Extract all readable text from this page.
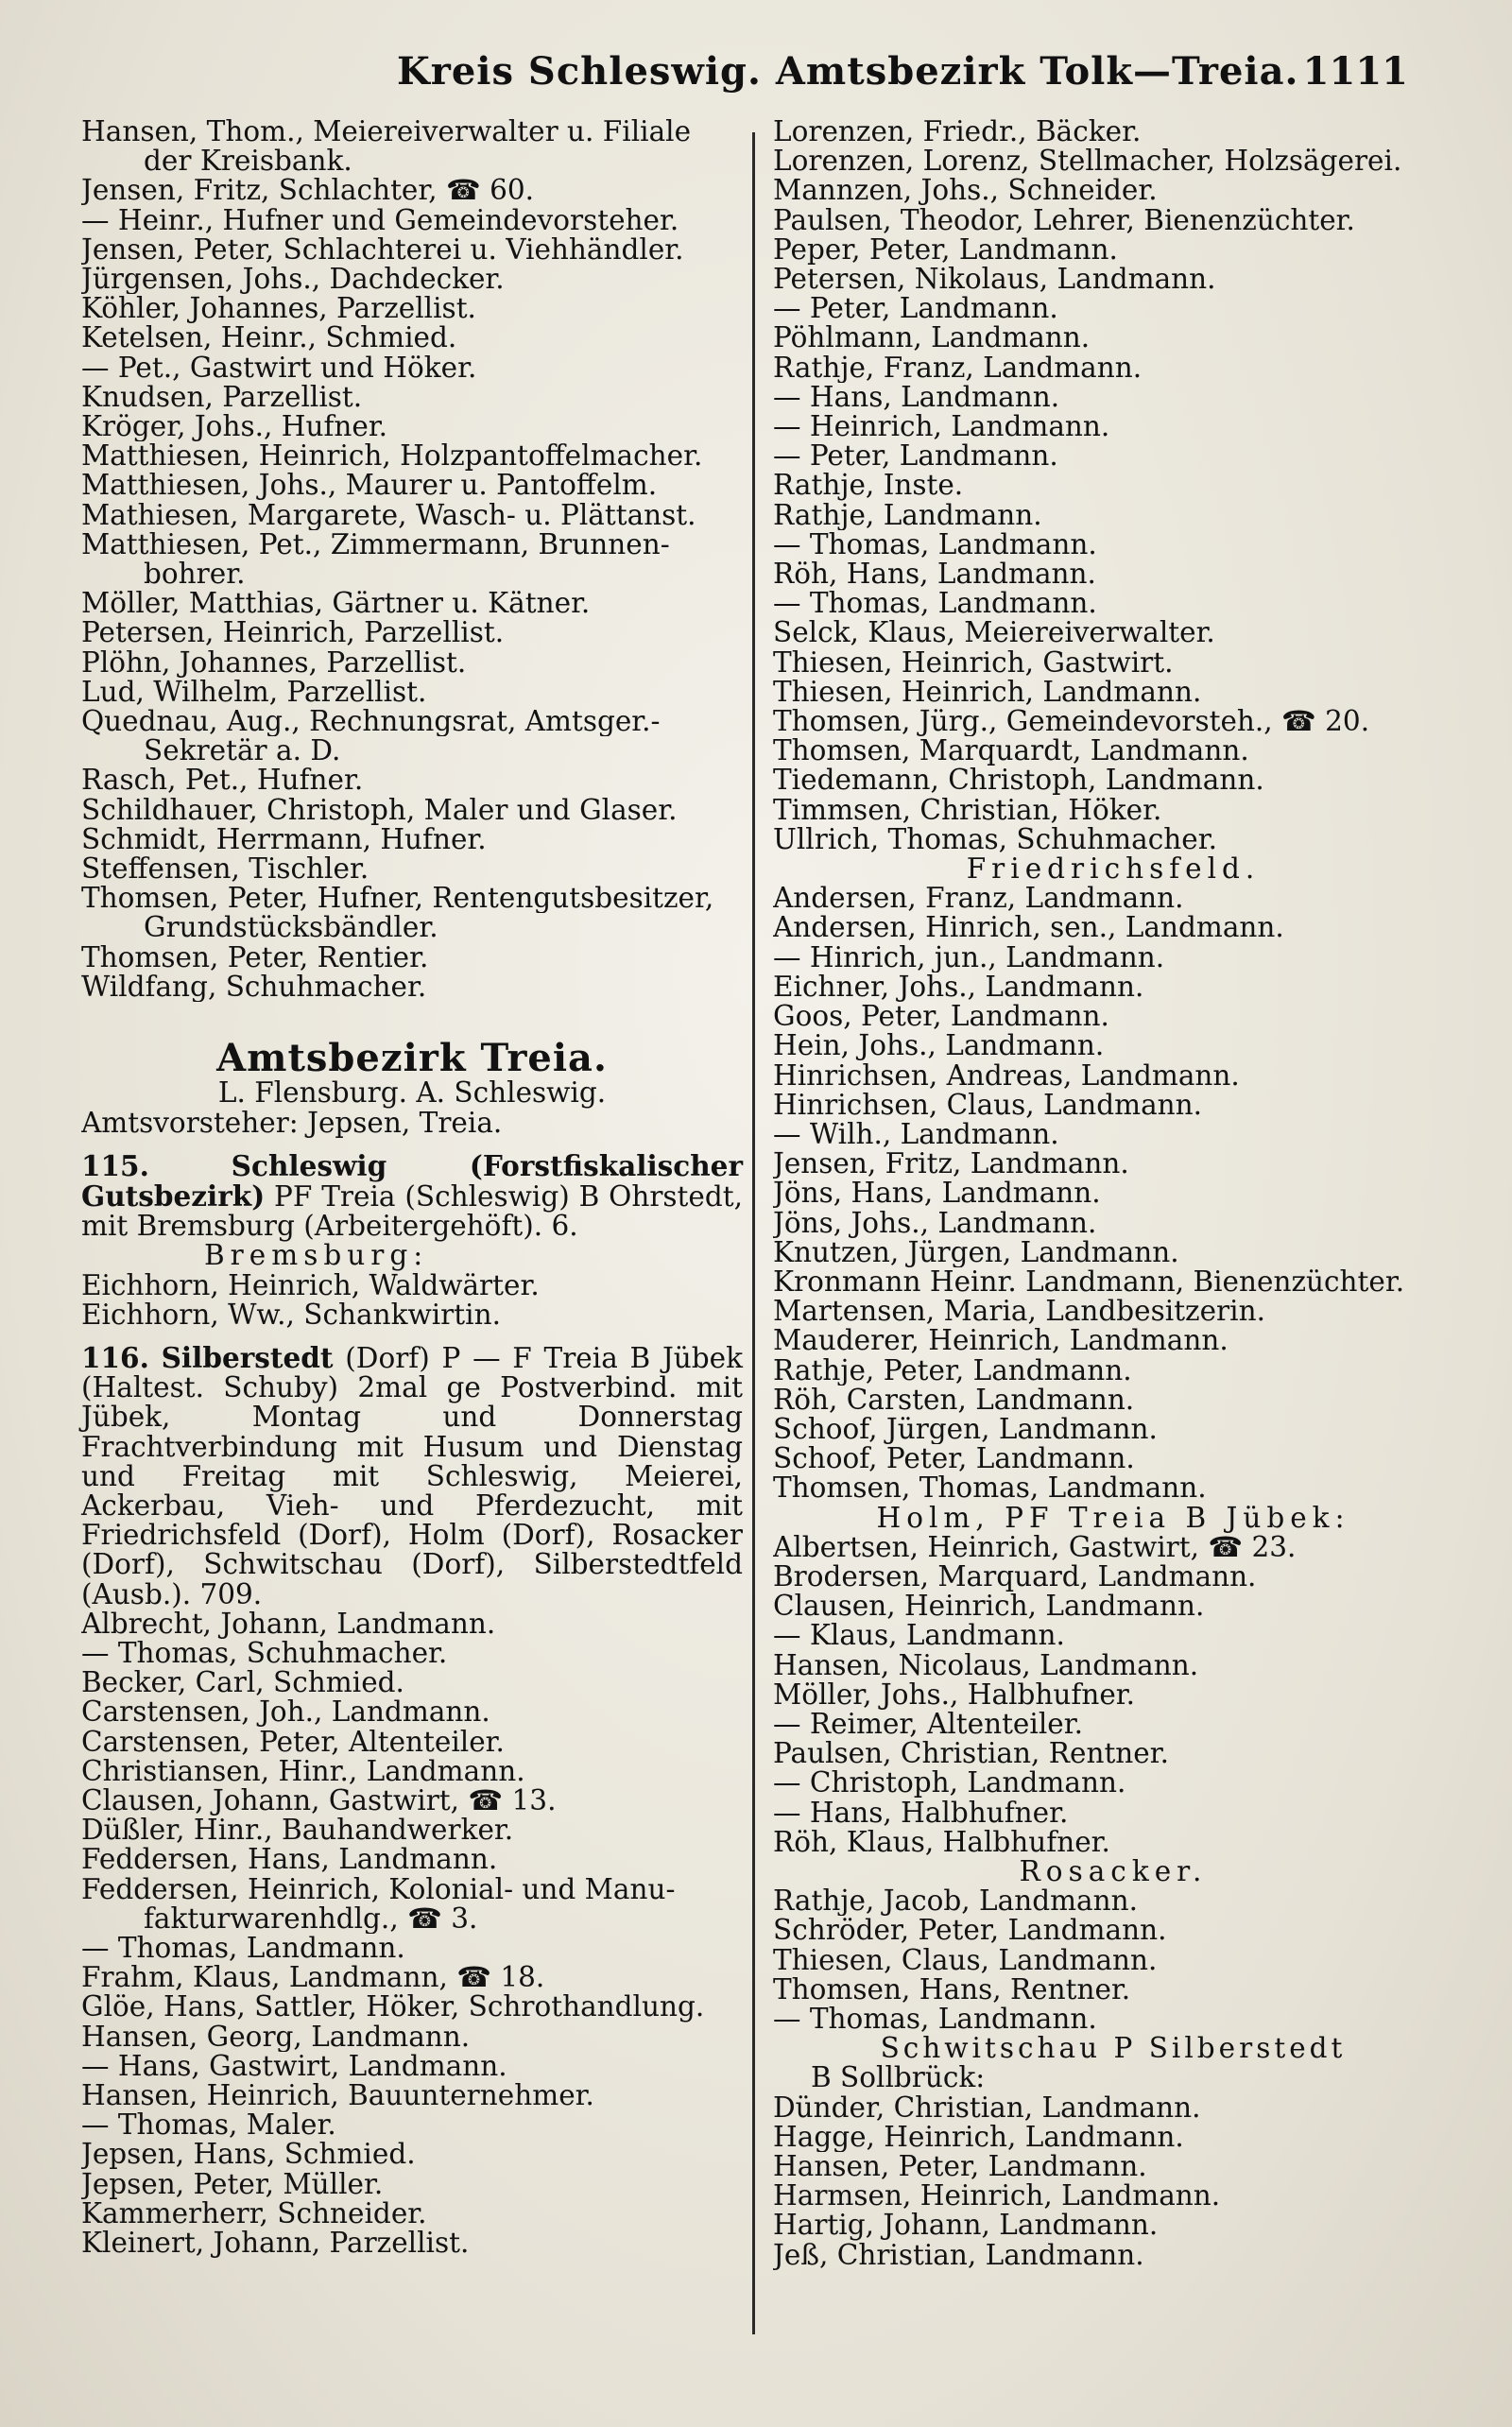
Kreis Schleswig. Amtsbezirk Tolk—Treia. 1111
Hansen, Thom., Meiereiverwalter u. Filiale
der Kreisbank.
Jensen, Fritz, Schlachter, ☎ 60.
— Heinr., Hufner und Gemeindevorsteher.
Jensen, Peter, Schlachterei u. Viehhändler.
Jürgensen, Johs., Dachdecker.
Köhler, Johannes, Parzellist.
Ketelsen, Heinr., Schmied.
— Pet., Gastwirt und Höker.
Knudsen, Parzellist.
Kröger, Johs., Hufner.
Matthiesen, Heinrich, Holzpantoffelmacher.
Matthiesen, Johs., Maurer u. Pantoffelm.
Mathiesen, Margarete, Wasch- u. Plättanst.
Matthiesen, Pet., Zimmermann, Brunnen-
bohrer.
Möller, Matthias, Gärtner u. Kätner.
Petersen, Heinrich, Parzellist.
Plöhn, Johannes, Parzellist.
Lud, Wilhelm, Parzellist.
Quednau, Aug., Rechnungsrat, Amtsger.-
Sekretär a. D.
Rasch, Pet., Hufner.
Schildhauer, Christoph, Maler und Glaser.
Schmidt, Herrmann, Hufner.
Steffensen, Tischler.
Thomsen, Peter, Hufner, Rentengutsbesitzer,
Grundstücksbändler.
Thomsen, Peter, Rentier.
Wildfang, Schuhmacher.
Amtsbezirk Treia.
L. Flensburg. A. Schleswig.
Amtsvorsteher: Jepsen, Treia.
115.	Schleswig (Forstfiskalischer Gutsbezirk) PF Treia (Schleswig) B Ohrstedt, mit Bremsburg (Arbeitergehöft). 6.
Bremsburg:
Eichhorn, Heinrich, Waldwärter.
Eichhorn, Ww., Schankwirtin.
116. Silberstedt (Dorf) P — F Treia B Jübek (Haltest. Schuby) 2mal ge Postverbind. mit Jübek, Montag und Donnerstag Frachtverbindung mit Husum und Dienstag und Freitag mit Schleswig, Meierei, Ackerbau, Vieh- und Pferdezucht, mit Friedrichsfeld (Dorf), Holm (Dorf), Rosacker (Dorf), Schwitschau (Dorf), Silberstedtfeld (Ausb.). 709.
Albrecht, Johann, Landmann.
— Thomas, Schuhmacher.
Becker, Carl, Schmied.
Carstensen, Joh., Landmann.
Carstensen, Peter, Altenteiler.
Christiansen, Hinr., Landmann.
Clausen, Johann, Gastwirt, ☎ 13.
Düßler, Hinr., Bauhandwerker.
Feddersen, Hans, Landmann.
Feddersen, Heinrich, Kolonial- und Manu-
fakturwarenhdlg., ☎ 3.
— Thomas, Landmann.
Frahm, Klaus, Landmann, ☎ 18.
Glöe, Hans, Sattler, Höker, Schrothandlung.
Hansen, Georg, Landmann.
— Hans, Gastwirt, Landmann.
Hansen, Heinrich, Bauunternehmer.
— Thomas, Maler.
Jepsen, Hans, Schmied.
Jepsen, Peter, Müller.
Kammerherr, Schneider.
Kleinert, Johann, Parzellist.
Lorenzen, Friedr., Bäcker.
Lorenzen, Lorenz, Stellmacher, Holzsägerei.
Mannzen, Johs., Schneider.
Paulsen, Theodor, Lehrer, Bienenzüchter.
Peper, Peter, Landmann.
Petersen, Nikolaus, Landmann.
— Peter, Landmann.
Pöhlmann, Landmann.
Rathje, Franz, Landmann.
— Hans, Landmann.
— Heinrich, Landmann.
— Peter, Landmann.
Rathje, Inste.
Rathje, Landmann.
— Thomas, Landmann.
Röh, Hans, Landmann.
— Thomas, Landmann.
Selck, Klaus, Meiereiverwalter.
Thiesen, Heinrich, Gastwirt.
Thiesen, Heinrich, Landmann.
Thomsen, Jürg., Gemeindevorsteh., ☎ 20.
Thomsen, Marquardt, Landmann.
Tiedemann, Christoph, Landmann.
Timmsen, Christian, Höker.
Ullrich, Thomas, Schuhmacher.
Friedrichsfeld.
Andersen, Franz, Landmann.
Andersen, Hinrich, sen., Landmann.
— Hinrich, jun., Landmann.
Eichner, Johs., Landmann.
Goos, Peter, Landmann.
Hein, Johs., Landmann.
Hinrichsen, Andreas, Landmann.
Hinrichsen, Claus, Landmann.
— Wilh., Landmann.
Jensen, Fritz, Landmann.
Jöns, Hans, Landmann.
Jöns, Johs., Landmann.
Knutzen, Jürgen, Landmann.
Kronmann Heinr. Landmann, Bienenzüchter.
Martensen, Maria, Landbesitzerin.
Mauderer, Heinrich, Landmann.
Rathje, Peter, Landmann.
Röh, Carsten, Landmann.
Schoof, Jürgen, Landmann.
Schoof, Peter, Landmann.
Thomsen, Thomas, Landmann.
Holm, PF Treia B Jübek:
Albertsen, Heinrich, Gastwirt, ☎ 23.
Brodersen, Marquard, Landmann.
Clausen, Heinrich, Landmann.
— Klaus, Landmann.
Hansen, Nicolaus, Landmann.
Möller, Johs., Halbhufner.
— Reimer, Altenteiler.
Paulsen, Christian, Rentner.
— Christoph, Landmann.
— Hans, Halbhufner.
Röh, Klaus, Halbhufner.
Rosacker.
Rathje, Jacob, Landmann.
Schröder, Peter, Landmann.
Thiesen, Claus, Landmann.
Thomsen, Hans, Rentner.
— Thomas, Landmann.
Schwitschau P Silberstedt
B Sollbrück:
Dünder, Christian, Landmann.
Hagge, Heinrich, Landmann.
Hansen, Peter, Landmann.
Harmsen, Heinrich, Landmann.
Hartig, Johann, Landmann.
Jeß, Christian, Landmann.
